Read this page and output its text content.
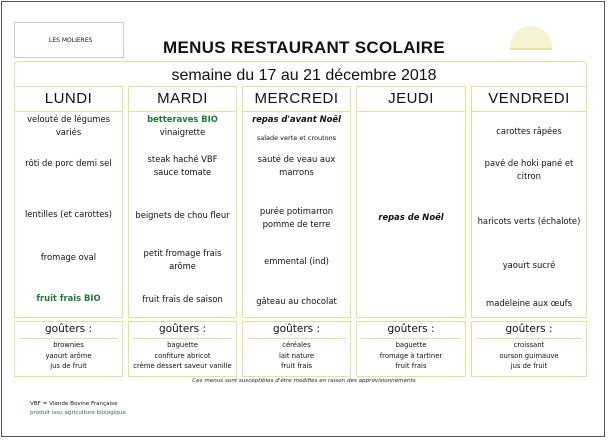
LES MOLIERES	MENUS RESTAURANT SCOLAIRE
semaine du 17 au 21 décembre 2018
LUNDI
velouté de légumes variés
rôti de porc demi sel
lentilles (et carottes)
fromage oval
fruit frais BIO
MARDI
betteraves BIO
vinaigrette
steak haché VBF sauce tomate
beignets de chou fleur
petit fromage frais arôme
fruit frais de saison
MERCREDI
repas d'avant Noël
salade verte et croutons
sauté de veau aux marrons
purée potimarron pomme de terre
emmental (ind)
gâteau au chocolat
JEUDI
repas de Noël
VENDREDI
carottes râpées
pavé de hoki pané et citron
haricots verts (échalote)
yaourt sucré
madeleine aux œufs
goûters :
brownies
yaourt arôme
jus de fruit
goûters :
baguette
confiture abricot
crème dessert saveur vanille
goûters :
céréales
lait nature
fruit frais
goûters :
baguette
fromage à tartiner
fruit frais
goûters :
croissant
ourson guimauve
jus de fruit
Ces menus sont susceptibles d'être modifiés en raison des approvisionnements
VBF = Viande Bovine Française
produit issu agriculture biologique
